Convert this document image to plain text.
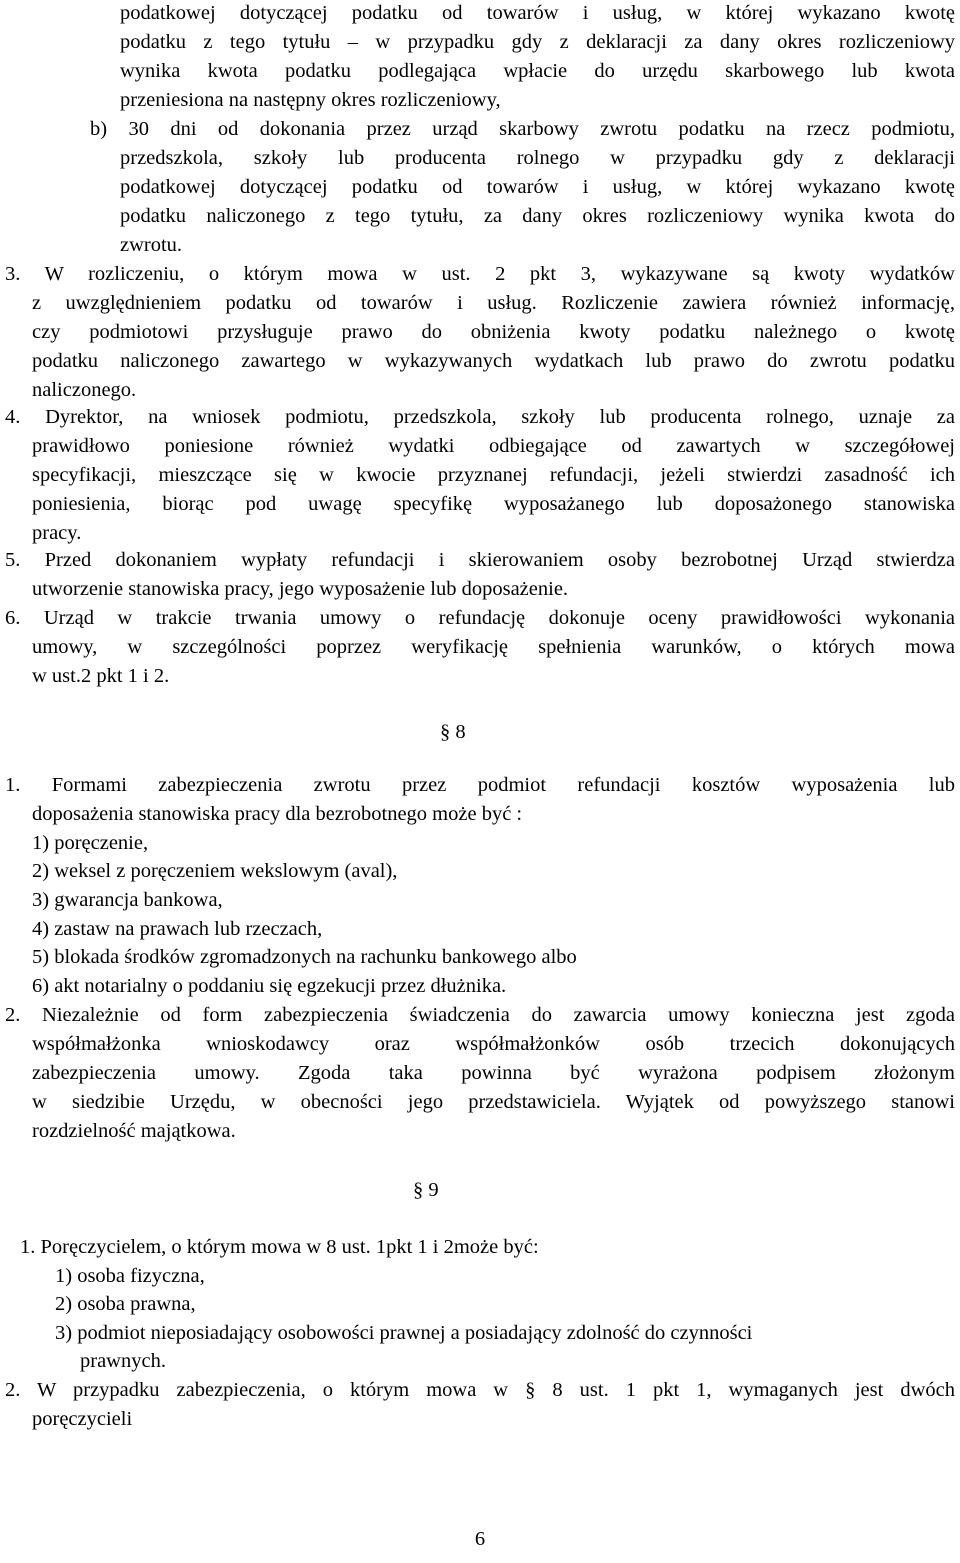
podatkowej dotyczącej podatku od towarów i usług, w której wykazano kwotę
podatku z tego tytułu – w przypadku gdy z deklaracji za dany okres rozliczeniowy
wynika kwota podatku podlegająca wpłacie do urzędu skarbowego lub kwota
przeniesiona na następny okres rozliczeniowy,
b) 30 dni od dokonania przez urząd skarbowy zwrotu podatku na rzecz podmiotu,
przedszkola, szkoły lub producenta rolnego w przypadku gdy z deklaracji
podatkowej dotyczącej podatku od towarów i usług, w której wykazano kwotę
podatku naliczonego z tego tytułu, za dany okres rozliczeniowy wynika kwota do
zwrotu.
3. W rozliczeniu, o którym mowa w ust. 2 pkt 3, wykazywane są kwoty wydatków
z uwzględnieniem podatku od towarów i usług. Rozliczenie zawiera również informację,
czy podmiotowi przysługuje prawo do obniżenia kwoty podatku należnego o kwotę
podatku naliczonego zawartego w wykazywanych wydatkach lub prawo do zwrotu podatku
naliczonego.
4. Dyrektor, na wniosek podmiotu, przedszkola, szkoły lub producenta rolnego, uznaje za
prawidłowo poniesione również wydatki odbiegające od zawartych w szczegółowej
specyfikacji, mieszczące się w kwocie przyznanej refundacji, jeżeli stwierdzi zasadność ich
poniesienia, biorąc pod uwagę specyfikę wyposażanego lub doposażonego stanowiska
pracy.
5. Przed dokonaniem wypłaty refundacji i skierowaniem osoby bezrobotnej Urząd stwierdza
utworzenie stanowiska pracy, jego wyposażenie lub doposażenie.
6. Urząd w trakcie trwania umowy o refundację dokonuje oceny prawidłowości wykonania
umowy, w szczególności poprzez weryfikację spełnienia warunków, o których mowa
w ust.2 pkt 1 i 2.
§ 8
1. Formami zabezpieczenia zwrotu przez podmiot refundacji kosztów wyposażenia lub
doposażenia stanowiska pracy dla bezrobotnego może być :
1) poręczenie,
2) weksel z poręczeniem wekslowym (aval),
3) gwarancja bankowa,
4) zastaw na prawach lub rzeczach,
5) blokada środków zgromadzonych na rachunku bankowego albo
6) akt notarialny o poddaniu się egzekucji przez dłużnika.
2. Niezależnie od form zabezpieczenia świadczenia do zawarcia umowy konieczna jest zgoda
współmałżonka wnioskodawcy oraz współmałżonków osób trzecich dokonujących
zabezpieczenia umowy. Zgoda taka powinna być wyrażona podpisem złożonym
w siedzibie Urzędu, w obecności jego przedstawiciela. Wyjątek od powyższego stanowi
rozdzielność majątkowa.
§ 9
1. Poręczycielem, o którym mowa w 8 ust. 1pkt 1 i 2może być:
1) osoba fizyczna,
2) osoba prawna,
3) podmiot nieposiadający osobowości prawnej a posiadający zdolność do czynności
prawnych.
2. W przypadku zabezpieczenia, o którym mowa w § 8 ust. 1 pkt 1, wymaganych jest dwóch
poręczycieli
6
